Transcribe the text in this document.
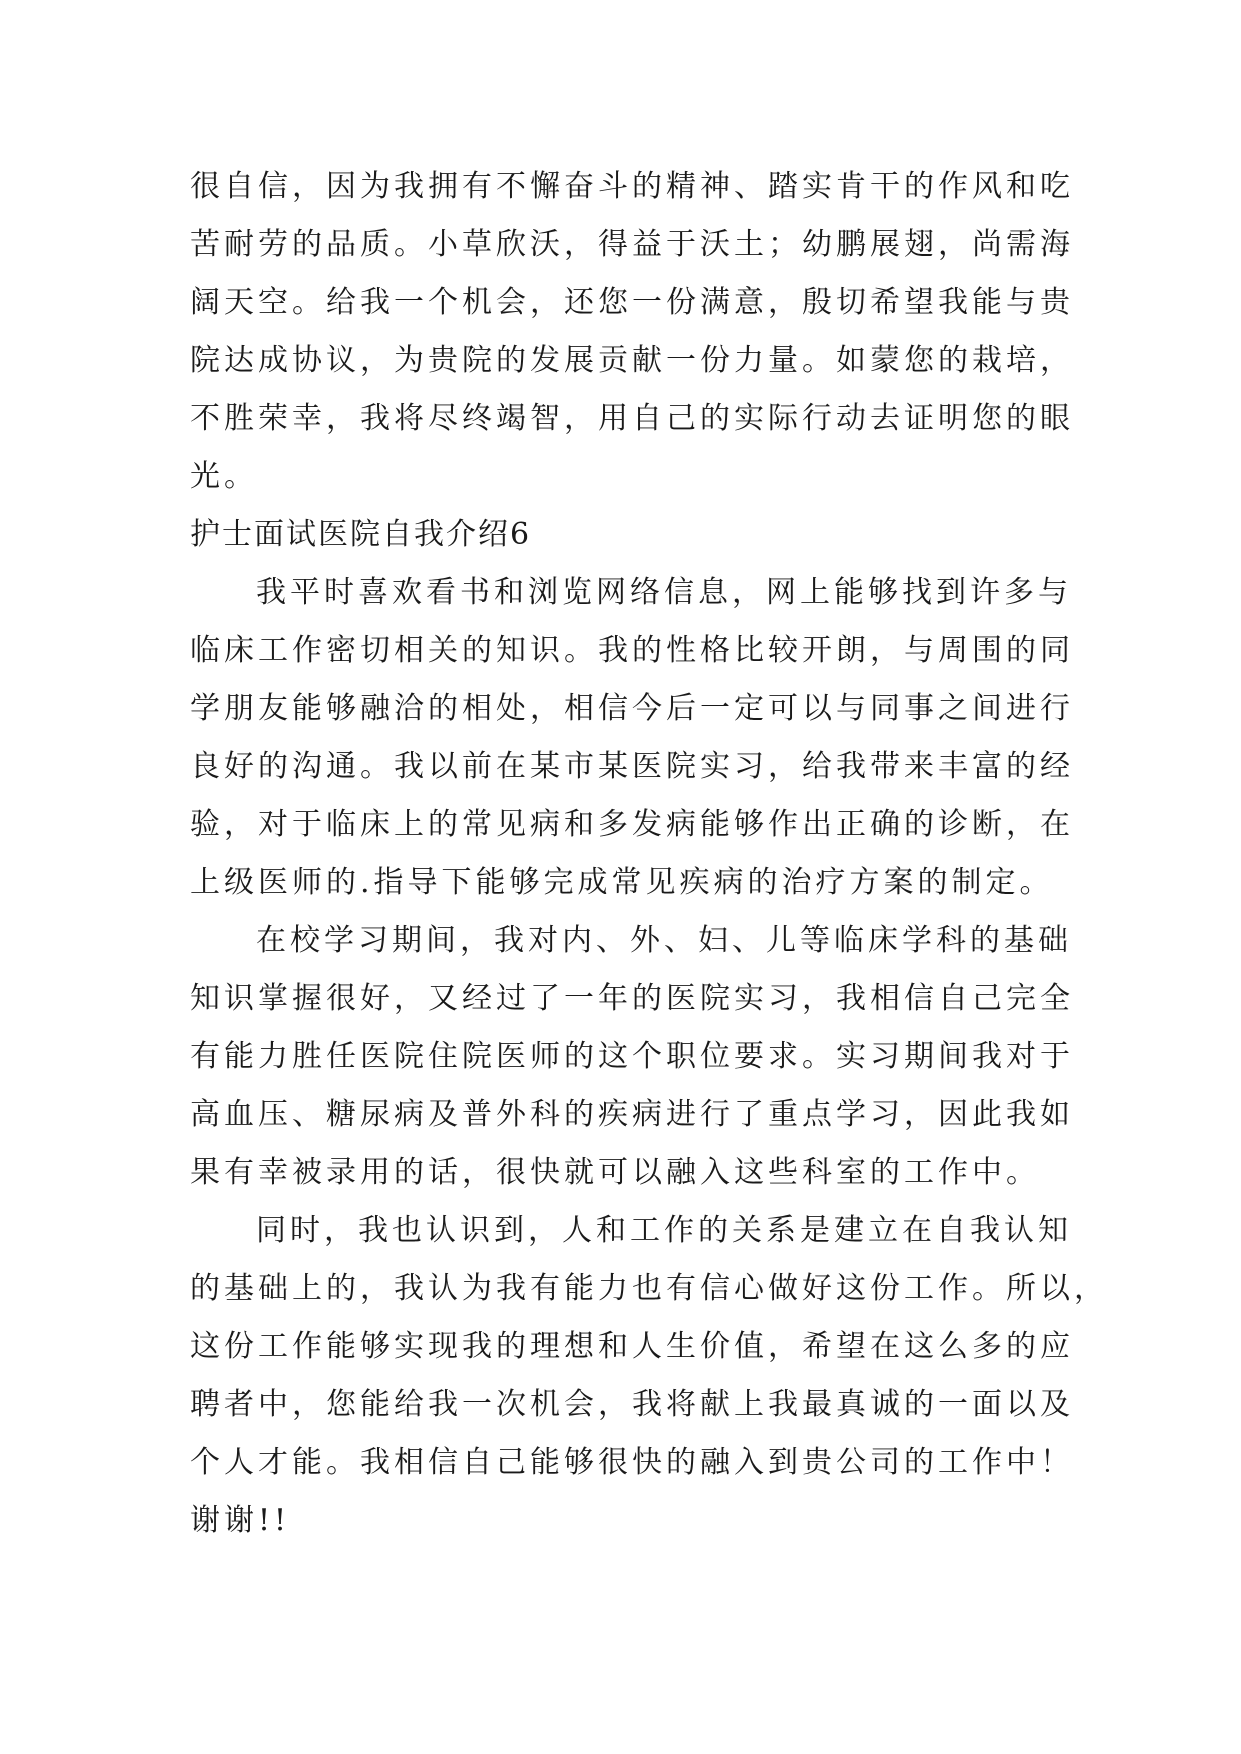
很自信，因为我拥有不懈奋斗的精神、踏实肯干的作风和吃
苦耐劳的品质。小草欣沃，得益于沃土；幼鹏展翅，尚需海
阔天空。给我一个机会，还您一份满意，殷切希望我能与贵
院达成协议，为贵院的发展贡献一份力量。如蒙您的栽培，
不胜荣幸，我将尽终竭智，用自己的实际行动去证明您的眼
光。
护士面试医院自我介绍6
我平时喜欢看书和浏览网络信息，网上能够找到许多与
临床工作密切相关的知识。我的性格比较开朗，与周围的同
学朋友能够融洽的相处，相信今后一定可以与同事之间进行
良好的沟通。我以前在某市某医院实习，给我带来丰富的经
验，对于临床上的常见病和多发病能够作出正确的诊断，在
上级医师的.指导下能够完成常见疾病的治疗方案的制定。
在校学习期间，我对内、外、妇、儿等临床学科的基础
知识掌握很好，又经过了一年的医院实习，我相信自己完全
有能力胜任医院住院医师的这个职位要求。实习期间我对于
高血压、糖尿病及普外科的疾病进行了重点学习，因此我如
果有幸被录用的话，很快就可以融入这些科室的工作中。
同时，我也认识到，人和工作的关系是建立在自我认知
的基础上的，我认为我有能力也有信心做好这份工作。所以，
这份工作能够实现我的理想和人生价值，希望在这么多的应
聘者中，您能给我一次机会，我将献上我最真诚的一面以及
个人才能。我相信自己能够很快的融入到贵公司的工作中！
谢谢!!
